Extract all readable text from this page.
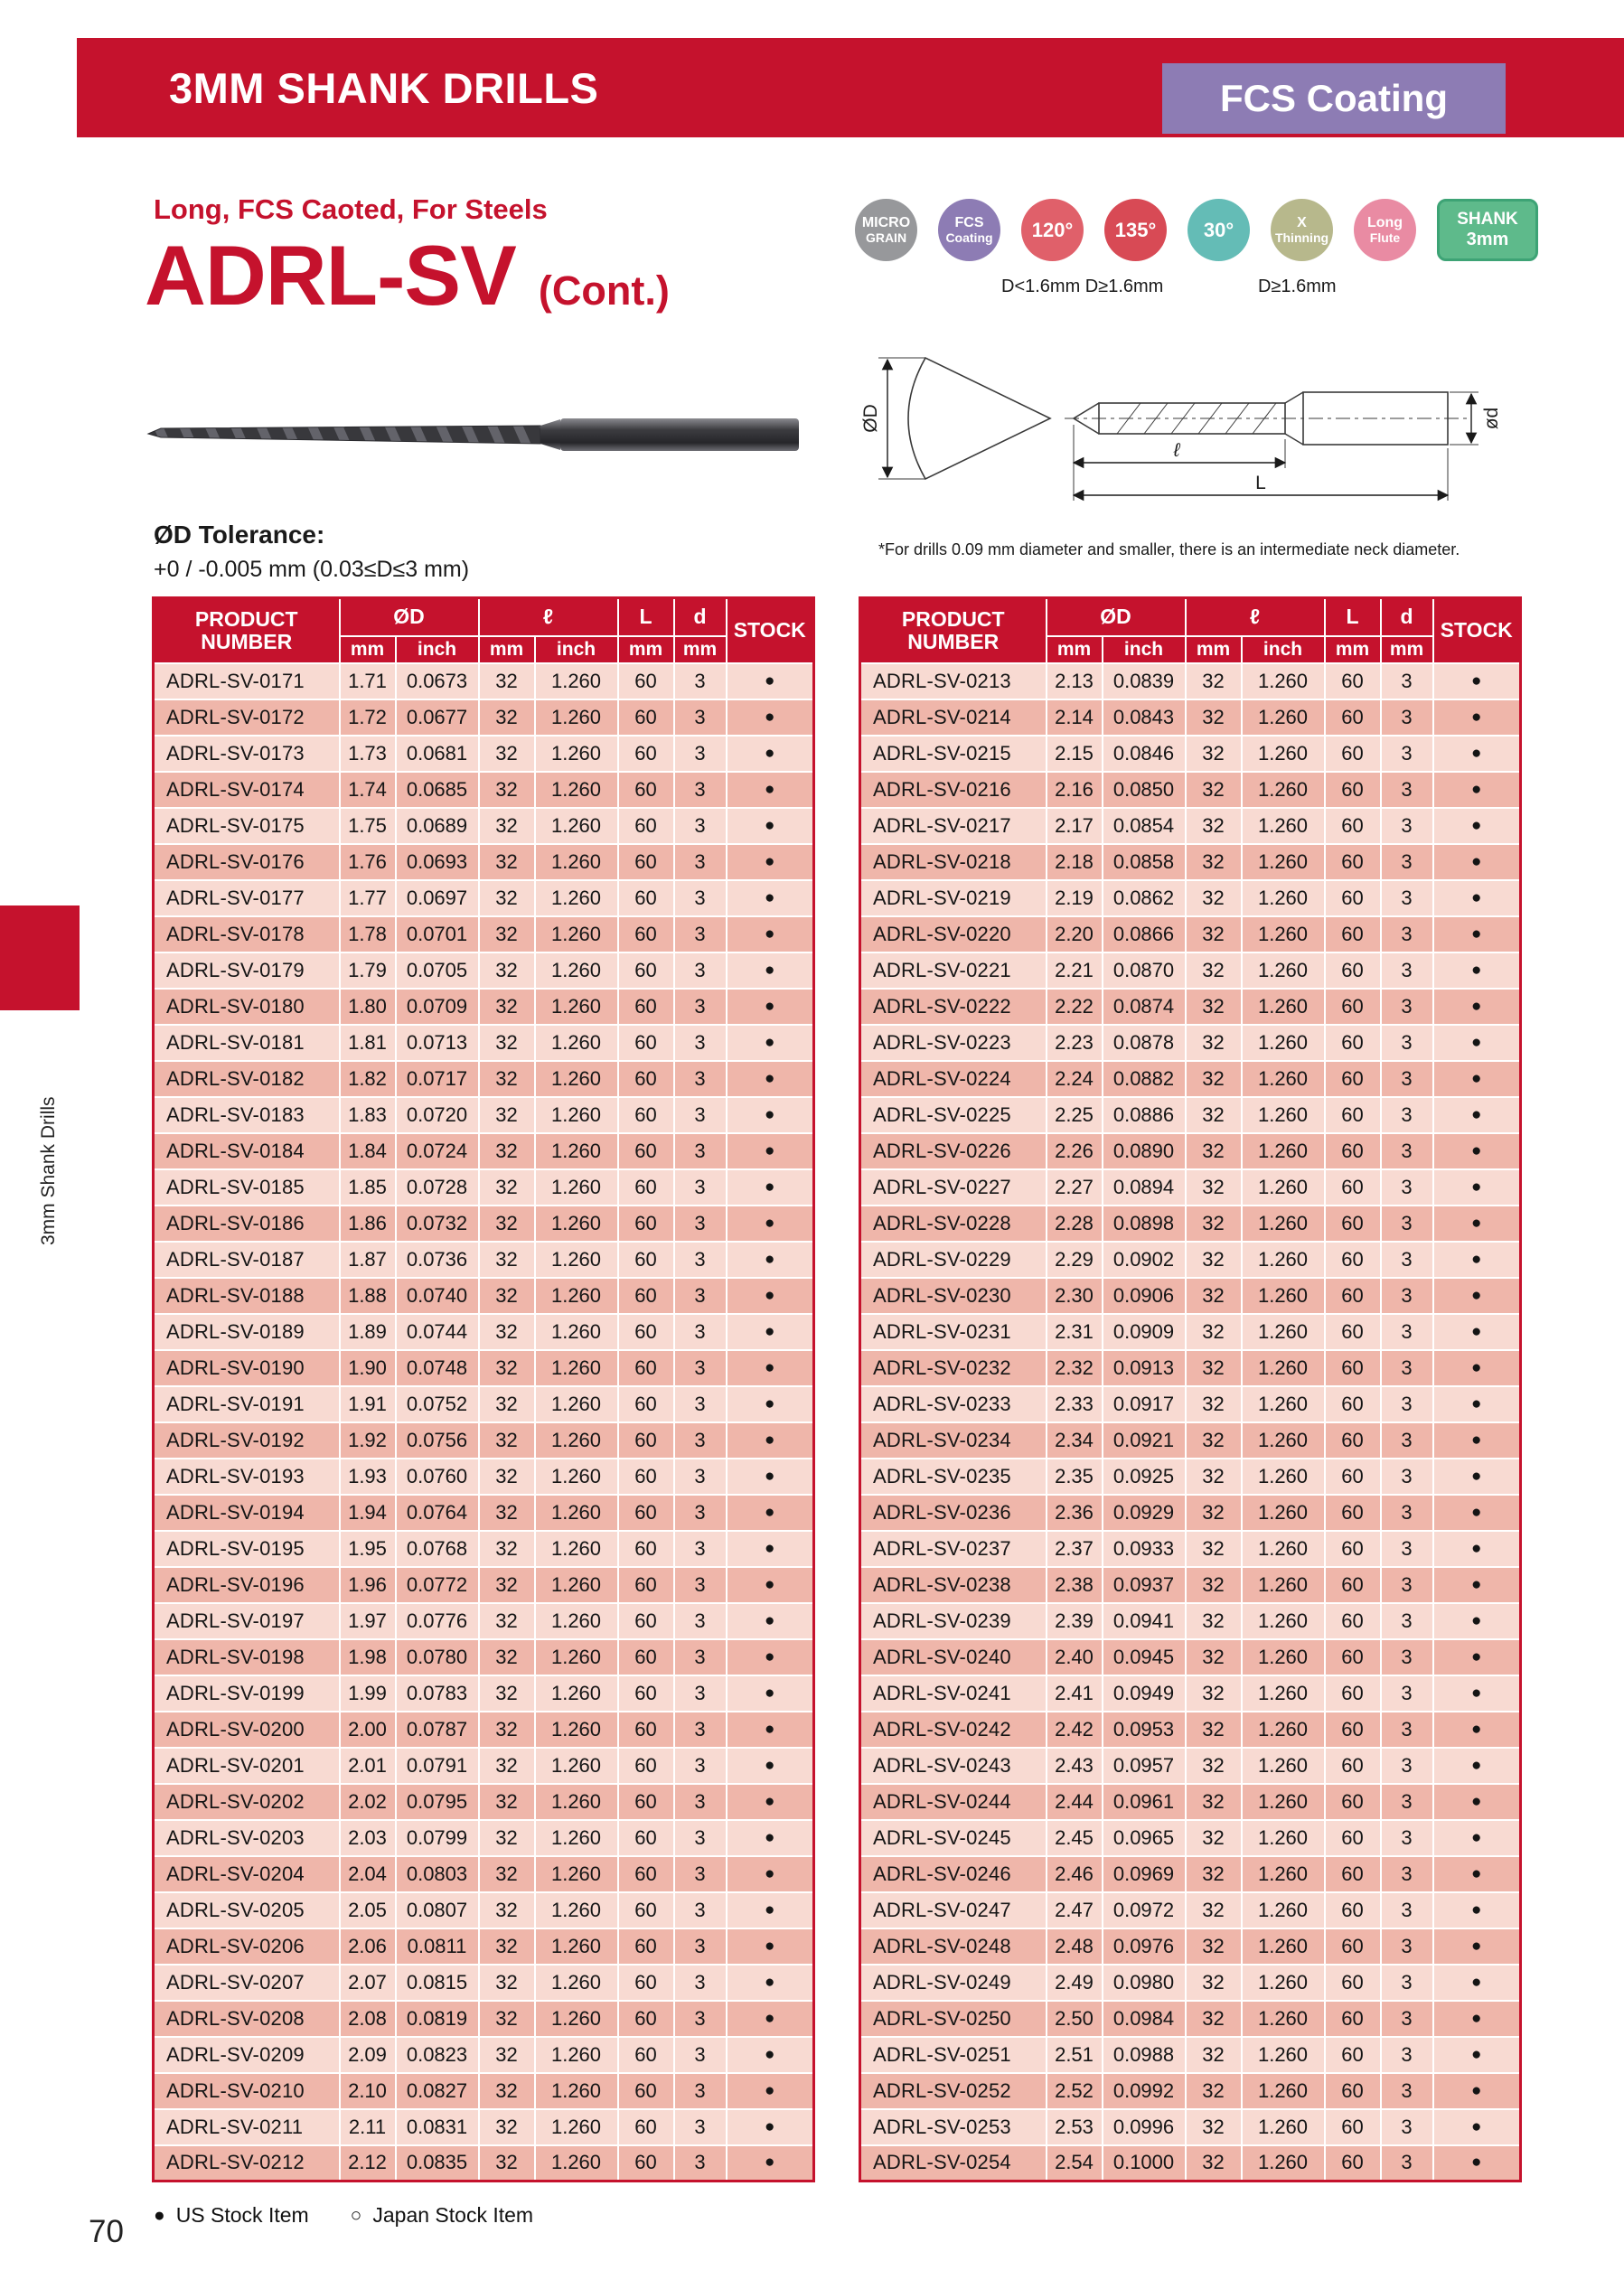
3MM SHANK DRILLS	FCS Coating
Long, FCS Caoted, For Steels
ADRL-SV (Cont.)
MICRO
GRAIN
FCS
Coating 120° 135° 30°	X
Thinning
Long
Flute
SHANK
3mm
D<1.6mm D≥1.6mm	D≥1.6mm
ØD
ℓ
L
ød
*For drills 0.09 mm diameter and smaller, there is an intermediate neck diameter.
ØD Tolerance:
+0 / -0.005 mm (0.03≤D≤3 mm)
PRODUCT NUMBER	ØD		ℓ		L	d	STOCK
	mm	inch	mm	inch	mm	mm	
ADRL-SV-0171	1.71	0.0673	32	1.260	60	3	●
ADRL-SV-0172	1.72	0.0677	32	1.260	60	3	●
ADRL-SV-0173	1.73	0.0681	32	1.260	60	3	●
ADRL-SV-0174	1.74	0.0685	32	1.260	60	3	●
ADRL-SV-0175	1.75	0.0689	32	1.260	60	3	●
ADRL-SV-0176	1.76	0.0693	32	1.260	60	3	●
ADRL-SV-0177	1.77	0.0697	32	1.260	60	3	●
ADRL-SV-0178	1.78	0.0701	32	1.260	60	3	●
ADRL-SV-0179	1.79	0.0705	32	1.260	60	3	●
ADRL-SV-0180	1.80	0.0709	32	1.260	60	3	●
ADRL-SV-0181	1.81	0.0713	32	1.260	60	3	●
ADRL-SV-0182	1.82	0.0717	32	1.260	60	3	●
ADRL-SV-0183	1.83	0.0720	32	1.260	60	3	●
ADRL-SV-0184	1.84	0.0724	32	1.260	60	3	●
ADRL-SV-0185	1.85	0.0728	32	1.260	60	3	●
ADRL-SV-0186	1.86	0.0732	32	1.260	60	3	●
ADRL-SV-0187	1.87	0.0736	32	1.260	60	3	●
ADRL-SV-0188	1.88	0.0740	32	1.260	60	3	●
ADRL-SV-0189	1.89	0.0744	32	1.260	60	3	●
ADRL-SV-0190	1.90	0.0748	32	1.260	60	3	●
ADRL-SV-0191	1.91	0.0752	32	1.260	60	3	●
ADRL-SV-0192	1.92	0.0756	32	1.260	60	3	●
ADRL-SV-0193	1.93	0.0760	32	1.260	60	3	●
ADRL-SV-0194	1.94	0.0764	32	1.260	60	3	●
ADRL-SV-0195	1.95	0.0768	32	1.260	60	3	●
ADRL-SV-0196	1.96	0.0772	32	1.260	60	3	●
ADRL-SV-0197	1.97	0.0776	32	1.260	60	3	●
ADRL-SV-0198	1.98	0.0780	32	1.260	60	3	●
ADRL-SV-0199	1.99	0.0783	32	1.260	60	3	●
ADRL-SV-0200	2.00	0.0787	32	1.260	60	3	●
ADRL-SV-0201	2.01	0.0791	32	1.260	60	3	●
ADRL-SV-0202	2.02	0.0795	32	1.260	60	3	●
ADRL-SV-0203	2.03	0.0799	32	1.260	60	3	●
ADRL-SV-0204	2.04	0.0803	32	1.260	60	3	●
ADRL-SV-0205	2.05	0.0807	32	1.260	60	3	●
ADRL-SV-0206	2.06	0.0811	32	1.260	60	3	●
ADRL-SV-0207	2.07	0.0815	32	1.260	60	3	●
ADRL-SV-0208	2.08	0.0819	32	1.260	60	3	●
ADRL-SV-0209	2.09	0.0823	32	1.260	60	3	●
ADRL-SV-0210	2.10	0.0827	32	1.260	60	3	●
ADRL-SV-0211	2.11	0.0831	32	1.260	60	3	●
ADRL-SV-0212	2.12	0.0835	32	1.260	60	3	●
PRODUCT NUMBER	ØD		ℓ		L	d	STOCK
	mm	inch	mm	inch	mm	mm	
ADRL-SV-0213	2.13	0.0839	32	1.260	60	3	●
ADRL-SV-0214	2.14	0.0843	32	1.260	60	3	●
ADRL-SV-0215	2.15	0.0846	32	1.260	60	3	●
ADRL-SV-0216	2.16	0.0850	32	1.260	60	3	●
ADRL-SV-0217	2.17	0.0854	32	1.260	60	3	●
ADRL-SV-0218	2.18	0.0858	32	1.260	60	3	●
ADRL-SV-0219	2.19	0.0862	32	1.260	60	3	●
ADRL-SV-0220	2.20	0.0866	32	1.260	60	3	●
ADRL-SV-0221	2.21	0.0870	32	1.260	60	3	●
ADRL-SV-0222	2.22	0.0874	32	1.260	60	3	●
ADRL-SV-0223	2.23	0.0878	32	1.260	60	3	●
ADRL-SV-0224	2.24	0.0882	32	1.260	60	3	●
ADRL-SV-0225	2.25	0.0886	32	1.260	60	3	●
ADRL-SV-0226	2.26	0.0890	32	1.260	60	3	●
ADRL-SV-0227	2.27	0.0894	32	1.260	60	3	●
ADRL-SV-0228	2.28	0.0898	32	1.260	60	3	●
ADRL-SV-0229	2.29	0.0902	32	1.260	60	3	●
ADRL-SV-0230	2.30	0.0906	32	1.260	60	3	●
ADRL-SV-0231	2.31	0.0909	32	1.260	60	3	●
ADRL-SV-0232	2.32	0.0913	32	1.260	60	3	●
ADRL-SV-0233	2.33	0.0917	32	1.260	60	3	●
ADRL-SV-0234	2.34	0.0921	32	1.260	60	3	●
ADRL-SV-0235	2.35	0.0925	32	1.260	60	3	●
ADRL-SV-0236	2.36	0.0929	32	1.260	60	3	●
ADRL-SV-0237	2.37	0.0933	32	1.260	60	3	●
ADRL-SV-0238	2.38	0.0937	32	1.260	60	3	●
ADRL-SV-0239	2.39	0.0941	32	1.260	60	3	●
ADRL-SV-0240	2.40	0.0945	32	1.260	60	3	●
ADRL-SV-0241	2.41	0.0949	32	1.260	60	3	●
ADRL-SV-0242	2.42	0.0953	32	1.260	60	3	●
ADRL-SV-0243	2.43	0.0957	32	1.260	60	3	●
ADRL-SV-0244	2.44	0.0961	32	1.260	60	3	●
ADRL-SV-0245	2.45	0.0965	32	1.260	60	3	●
ADRL-SV-0246	2.46	0.0969	32	1.260	60	3	●
ADRL-SV-0247	2.47	0.0972	32	1.260	60	3	●
ADRL-SV-0248	2.48	0.0976	32	1.260	60	3	●
ADRL-SV-0249	2.49	0.0980	32	1.260	60	3	●
ADRL-SV-0250	2.50	0.0984	32	1.260	60	3	●
ADRL-SV-0251	2.51	0.0988	32	1.260	60	3	●
ADRL-SV-0252	2.52	0.0992	32	1.260	60	3	●
ADRL-SV-0253	2.53	0.0996	32	1.260	60	3	●
ADRL-SV-0254	2.54	0.1000	32	1.260	60	3	●
● US Stock Item ○ Japan Stock Item
70
3mm Shank Drills
